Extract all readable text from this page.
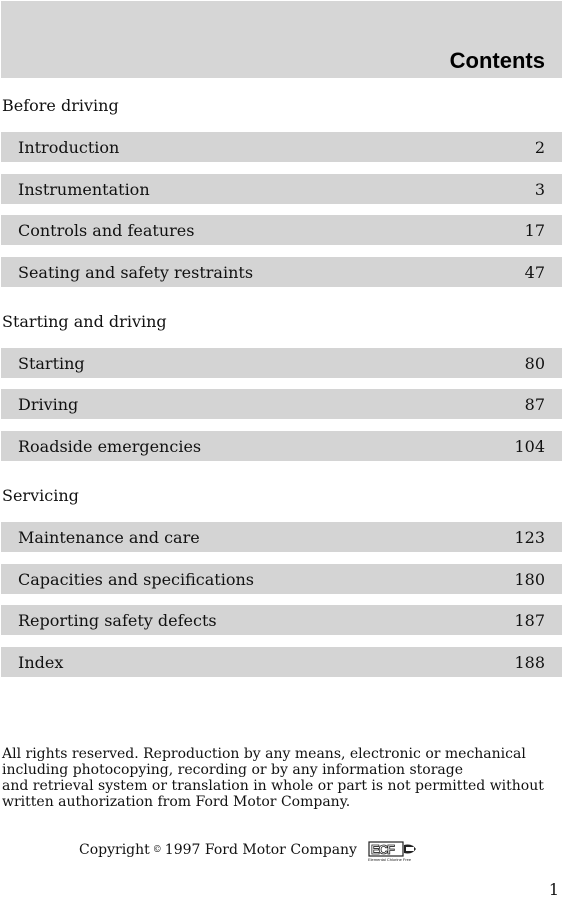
Contents
Before driving
Introduction	2
Instrumentation	3
Controls and features	17
Seating and safety restraints	47
Starting and driving
Starting	80
Driving	87
Roadside emergencies	104
Servicing
Maintenance and care	123
Capacities and specifications	180
Reporting safety defects	187
Index	188
All rights reserved. Reproduction by any means, electronic or mechanical
including photocopying, recording or by any information storage
and retrieval system or translation in whole or part is not permitted without
written authorization from Ford Motor Company.
Copyright © 1997 Ford Motor Company ECF
Elemental Chlorine Free
1
